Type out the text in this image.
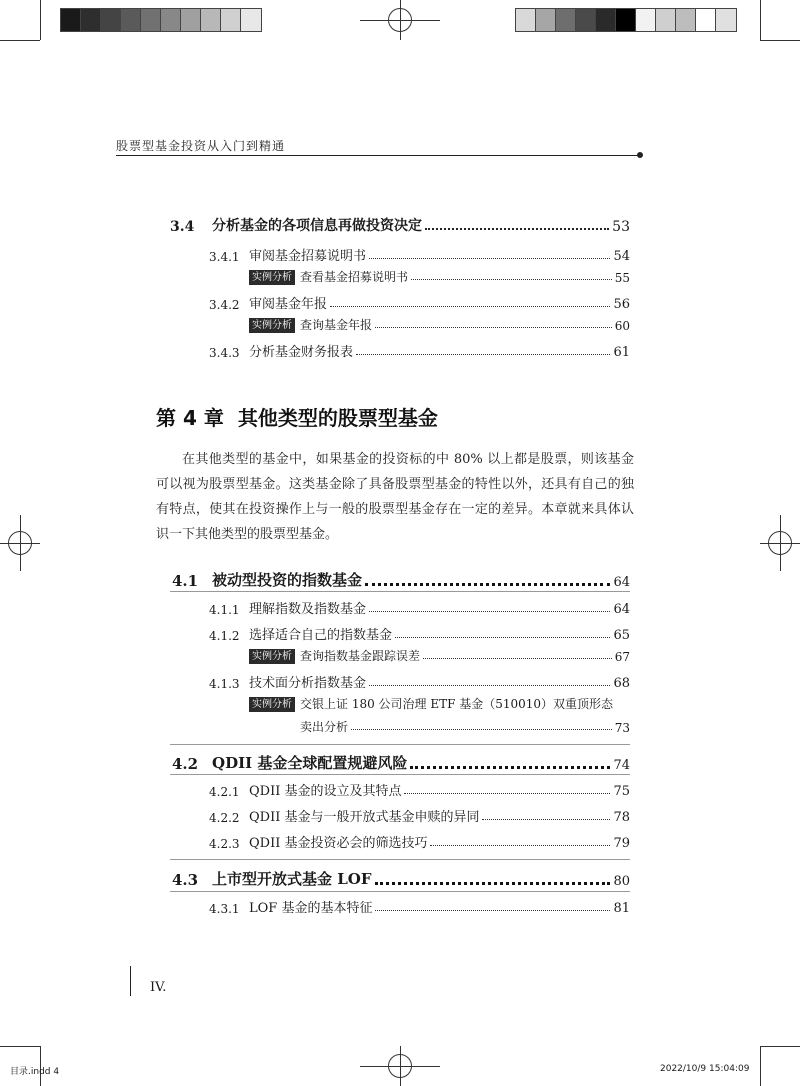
股票型基金投资从入门到精通
3.4	分析基金的各项信息再做投资决定	53
3.4.1 审阅基金招募说明书	54
实例分析 查看基金招募说明书	55
3.4.2 审阅基金年报	56
实例分析 查询基金年报	60
3.4.3 分析基金财务报表	61
第 4 章 其他类型的股票型基金

在其他类型的基金中，如果基金的投资标的中 80% 以上都是股票，则该基金可以视为股票型基金。这类基金除了具备股票型基金的特性以外，还具有自己的独有特点，使其在投资操作上与一般的股票型基金存在一定的差异。本章就来具体认识一下其他类型的股票型基金。

4.1 被动型投资的指数基金	64
4.1.1 理解指数及指数基金	64
4.1.2 选择适合自己的指数基金	65
实例分析 查询指数基金跟踪误差	67
4.1.3 技术面分析指数基金	68
实例分析 交银上证 180 公司治理 ETF 基金（510010）双重顶形态
卖出分析	73
4.2 QDII 基金全球配置规避风险	74
4.2.1 QDII 基金的设立及其特点	75
4.2.2 QDII 基金与一般开放式基金申赎的异同	78
4.2.3 QDII 基金投资必会的筛选技巧	79
4.3 上市型开放式基金 LOF	80
4.3.1 LOF 基金的基本特征	81
IV.
目录.indd 4	2022/10/9 15:04:09
